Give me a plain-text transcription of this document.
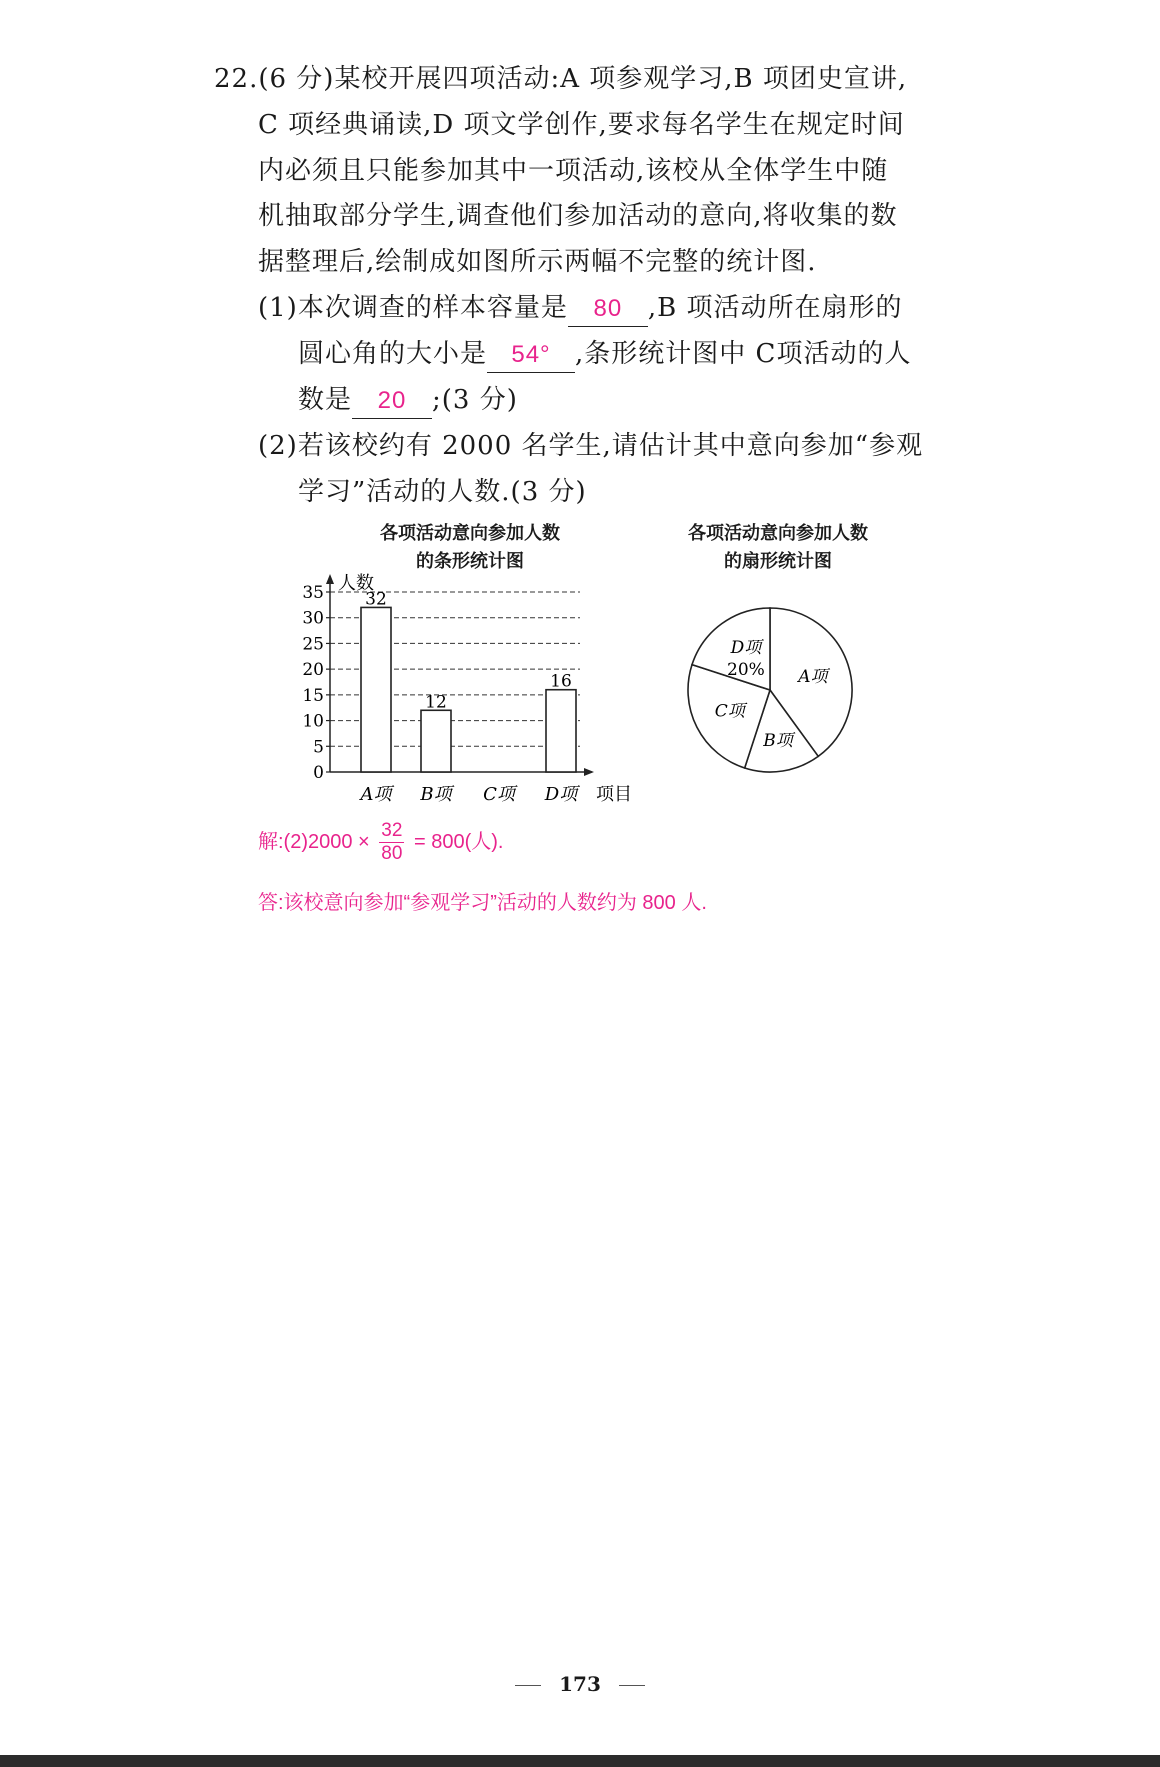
22.(6 分)某校开展四项活动:A 项参观学习,B 项团史宣讲,
C 项经典诵读,D 项文学创作,要求每名学生在规定时间
内必须且只能参加其中一项活动,该校从全体学生中随
机抽取部分学生,调查他们参加活动的意向,将收集的数
据整理后,绘制成如图所示两幅不完整的统计图.
(1)本次调查的样本容量是 80 ,B 项活动所在扇形的
圆心角的大小是 54° ,条形统计图中 C项活动的人
数是 20 ;(3 分)
(2)若该校约有 2000 名学生,请估计其中意向参加“参观
学习”活动的人数.(3 分)
各项活动意向参加人数
的条形统计图
各项活动意向参加人数
的扇形统计图
0
5
10
15
20
25
30
35 人数
项目
32
A项
12
B项 C项
16
D项
A项
B项
C项
D项
20%
解:(2)2000 × $\frac{32}{80} = 800$(人).
答:该校意向参加“参观学习”活动的人数约为 800 人.
173
